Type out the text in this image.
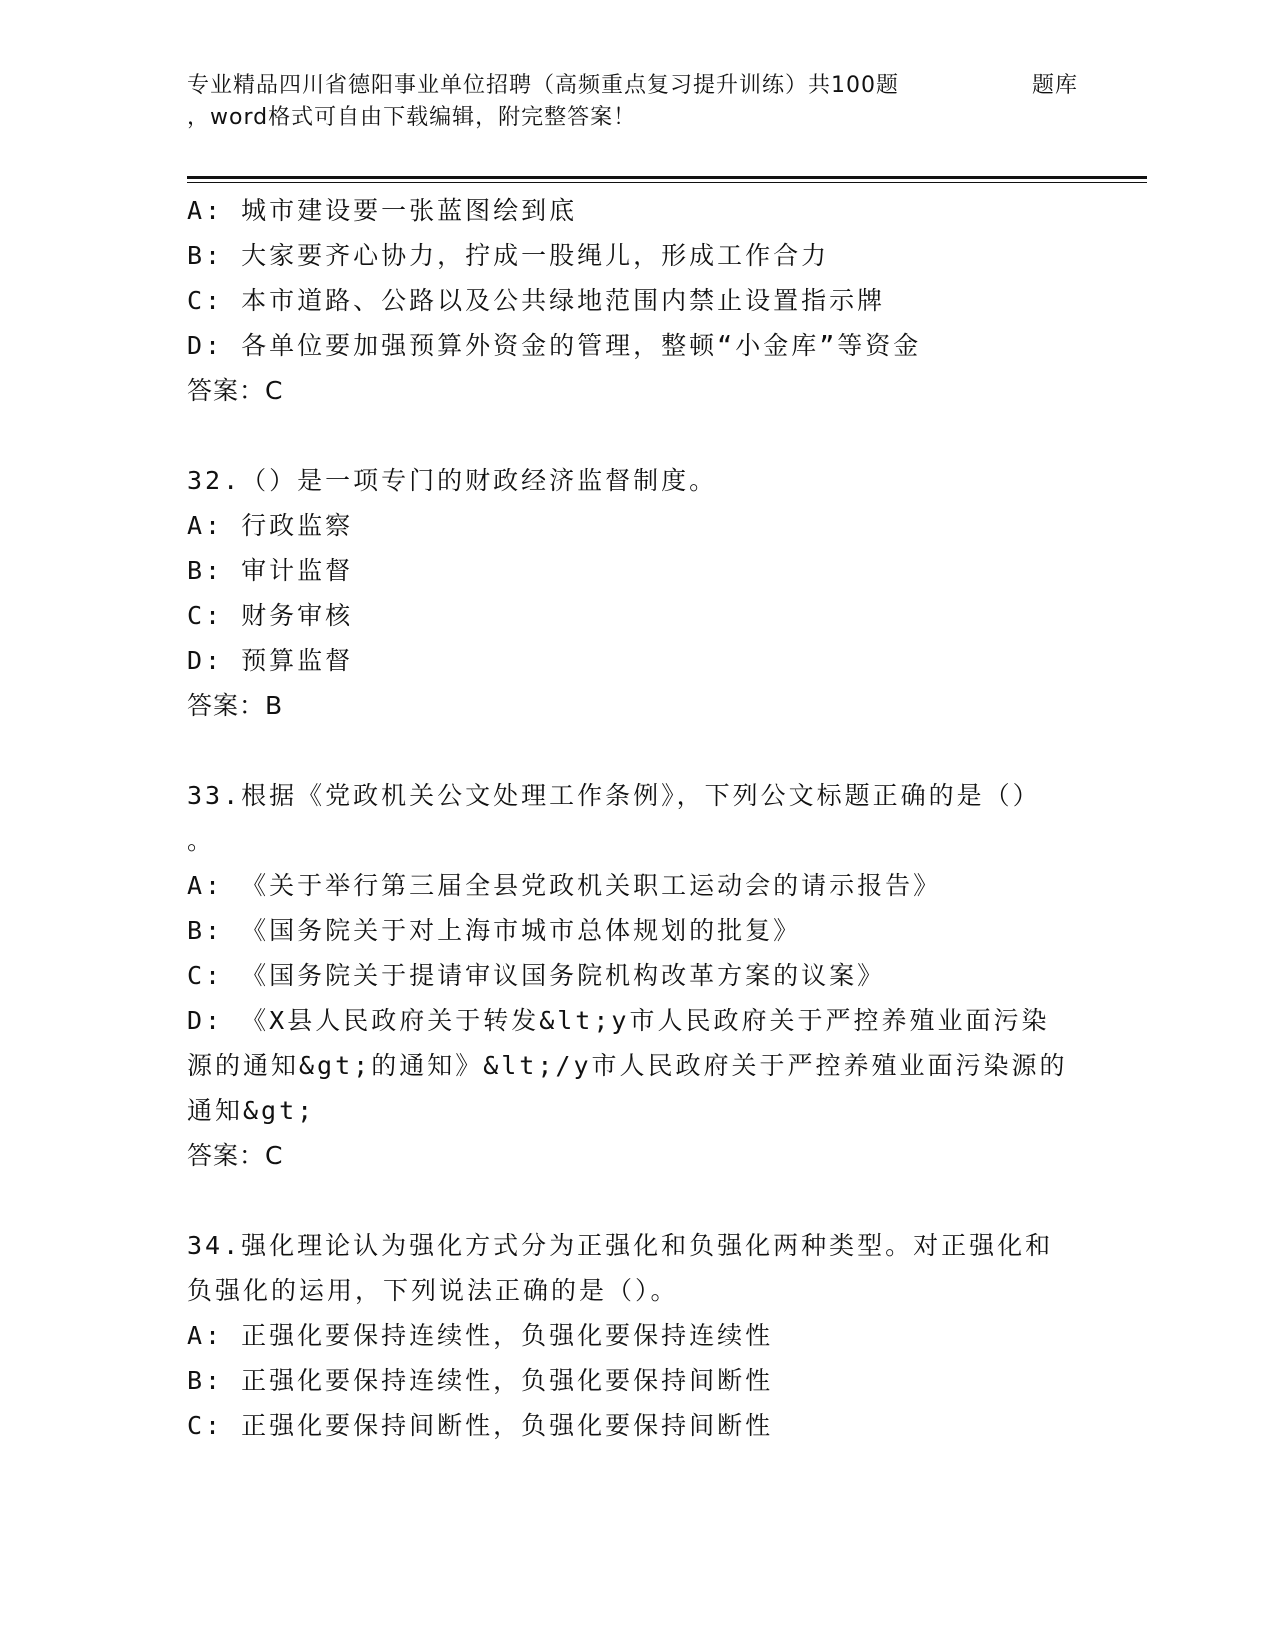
专业精品四川省德阳事业单位招聘（高频重点复习提升训练）共100题
，word格式可自由下载编辑，附完整答案！
题库
A: 城市建设要一张蓝图绘到底
B: 大家要齐心协力，拧成一股绳儿，形成工作合力
C: 本市道路、公路以及公共绿地范围内禁止设置指示牌
D: 各单位要加强预算外资金的管理，整顿“小金库”等资金
答案：C
32.（）是一项专门的财政经济监督制度。
A: 行政监察
B: 审计监督
C: 财务审核
D: 预算监督
答案：B
33.根据《党政机关公文处理工作条例》，下列公文标题正确的是（）
。
A: 《关于举行第三届全县党政机关职工运动会的请示报告》
B: 《国务院关于对上海市城市总体规划的批复》
C: 《国务院关于提请审议国务院机构改革方案的议案》
D: 《X县人民政府关于转发&lt;y市人民政府关于严控养殖业面污染
源的通知&gt;的通知》&lt;/y市人民政府关于严控养殖业面污染源的
通知&gt;
答案：C
34.强化理论认为强化方式分为正强化和负强化两种类型。对正强化和
负强化的运用，下列说法正确的是（）。
A: 正强化要保持连续性，负强化要保持连续性
B: 正强化要保持连续性，负强化要保持间断性
C: 正强化要保持间断性，负强化要保持间断性
